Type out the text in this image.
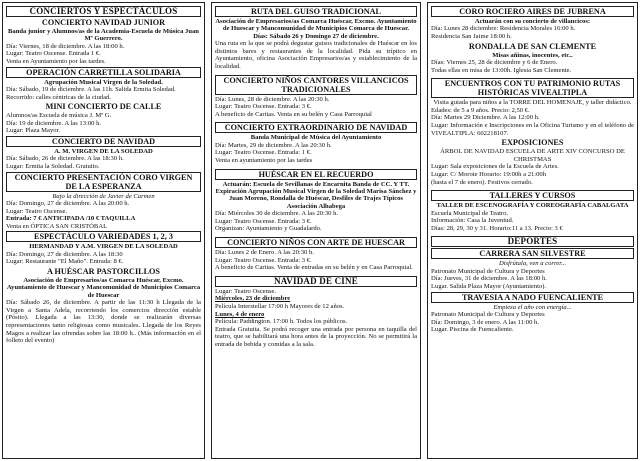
CONCIERTOS Y ESPECTÁCULOS
CONCIERTO NAVIDAD JUNIOR
Banda junior y Alumnos/as de la Academia-Escuela de Música Juan Mª Guerrero.
Día: Viernes, 18 de diciembre. A las 18:00 h.
Lugar: Teatro Oscense. Entrada 1 €.
Venta en Ayuntamiento por las tardes.
OPERACIÓN CARRETILLA SOLIDARIA
Agrupación Musical Virgen de la Soledad.
Día: Sábado, 19 de diciembre. A las 11h. Salida Ermita Soledad. Recorrido: calles céntricas de la ciudad.
MINI CONCIERTO DE CALLE
Alumnos/as Escuela de música J. Mª G.
Día: 19 de diciembre. A las 13:00 h.
Lugar: Plaza Mayor.
CONCIERTO DE NAVIDAD
A. M. VIRGEN DE LA SOLEDAD
Día: Sábado, 26 de diciembre. A las 18:30 h.
Lugar: Ermita la Soledad. Gratuito.
CONCIERTO PRESENTACIÓN CORO VIRGEN DE LA ESPERANZA
Bajo la dirección de Javier de Carmen
Día: Domingo, 27 de diciembre. A las 20:00 h.
Lugar: Teatro Oscense.
Entrada: 7 € ANTICIPADA /10 € TAQUILLA
Venta en ÓPTICA SAN CRISTÓBAL
ESPECTÁCULO VARIEDADES 1, 2, 3
HERMANDAD Y A.M. VIRGEN DE LA SOLEDAD
Día: Domingo, 27 de diciembre. A las 18:30
Lugar: Restaurante "El Maño". Entrada: 8 €.
A HUÉSCAR PASTORCILLOS
Asociación de Empresarios/as Comarca Huéscar, Excmo. Ayuntamiento de Huescar y Mancomunidad de Municipios Comarca de Huescar
Día: Sábado 26, de diciembre. A partir de las 11:30 h Llegada de la Virgen a Santa Adela, recorriendo los comercios dirección estable (Pósito). Llegada a las 13:30, donde se realizarán diversas representaciones tanto religiosas como musicales. Llegada de los Reyes Magos a realizar las ofrendas sobre las 18:00 h.. (Más información en el folleto del evento)
RUTA DEL GUISO TRADICIONAL
Asociación de Empresarios/as Comarca Huéscar, Excmo. Ayuntamiento de Huescar y Mancomunidad de Municipios Comarca de Huescar.
Días: Sábado 26 y Domingo 27 de diciembre.
Una ruta en la que se podrá degustar guisos tradicionales de Huéscar en los distintos bares y restaurantes de la localidad. Pida su tríptico en Ayuntamiento, oficina Asociación Empresarios/as y establecimiento de la localidad.
CONCIERTO NIÑOS CANTORES VILLANCICOS TRADICIONALES
Día: Lunes, 28 de diciembre. A las 20:30 h.
Lugar: Teatro Oscense. Entrada: 3 €.
A beneficio de Caritas. Venta en su belén y Casa Parroquial
CONCIERTO EXTRAORDINARIO DE NAVIDAD
Banda Municipal de Música del Ayuntamiento
Día: Martes, 29 de diciembre. A las 20:30 h.
Lugar: Teatro Oscense. Entrada: 1 €.
Venta en ayuntamiento por las tardes
HUÉSCAR EN EL RECUERDO
Actuarán: Escuela de Sevillanas de Encarnita Banda de CC. Y TT. Expiración Agrupación Musical Virgen de la Soledad Marisa Sánchez y Juan Moreno, Rondalla de Huéscar, Desfiles de Trajes Típicos Asociación Alhabega
Día: Miércoles 30 de diciembre. A las 20:30 h.
Lugar: Teatro Oscense. Entrada: 3 €.
Organizan: Ayuntamiento y Guadalardo.
CONCIERTO NIÑOS CON ARTE DE HUESCAR
Día: Lunes 2 de Enero. A las 20:30 h.
Lugar: Teatro Oscense. Entrada: 3 €.
A beneficio de Caritas. Venta de entradas en su belén y en Casa Parroquial.
NAVIDAD DE CINE
Lugar: Teatro Oscense.
Miércoles, 23 de diciembre
Película Interstellar 17:00 h Mayores de 12 años.
Lunes, 4 de enero
Película: Paddington. 17:00 h. Todos los públicos.
Entrada Gratuita. Se podrá recoger una entrada por persona en taquilla del teatro, que se habilitará una hora antes de la proyección. No se permitirá la entrada de bebida y comidas a la sala.
CORO ROCIERO AIRES DE JUBRENA
Actuarán con su concierto de villancicos:
Día: Lunes 28 diciembre: Residencia Morales 16:00 h.
Residencia San Jaime 18:00 h.
RONDALLA DE SAN CLEMENTE
Misas añinas, inocentes, etc..
Días: Viernes 25, 28 de diciembre y 6 de Enero.
Todas ellas en misa de 13:00h. Iglesia San Clemente.
ENCUENTROS CON TU PATRIMONIO RUTAS HISTÓRICAS VIVEALTIPLA
Visita guiada para niños a la TORRE DEL HOMENAJE, y taller didáctico.
Edades: de 5 a 9 años. Precio: 2,50 €.
Día: Martes 29 Diciembre. A las 12:00 h.
Lugar: Información e Inscripciones en la Oficina Turismo y en el teléfono de VIVEALTIPLA: 602218107.
EXPOSICIONES
ÁRBOL DE NAVIDAD ESCUELA DE ARTE XIV CONCURSO DE CHRISTMAS
Lugar: Sala exposiciones de la Escuela de Artes.
Lugar: C/ Morote Horario: 19:00h a 21:00h
(hasta el 7 de enero). Festivos cerrado.
TALLERES Y CURSOS
TALLER DE ESCENOGRAFÍA Y COREOGRAFÍA CABALGATA
Escuela Municipal de Teatro.
Información: Casa la Juventud.
Días: 28, 29, 30 y 31. Horario:11 a 13. Precio: 3 €
DEPORTES
CARRERA SAN SILVESTRE
Disfrútala, ven a correr...
Patronato Municipal de Cultura y Deportes
Día: Jueves, 31 de diciembre. A las 18:00 h.
Lugar. Salida Plaza Mayor (Ayuntamiento).
TRAVESIA A NADO FUENCALIENTE
Empieza el año con energía...
Patronato Municipal de Cultura y Deportes
Día: Domingo, 3 de enero. A las 11:00 h.
Lugar. Piscina de Fuencaliente.
